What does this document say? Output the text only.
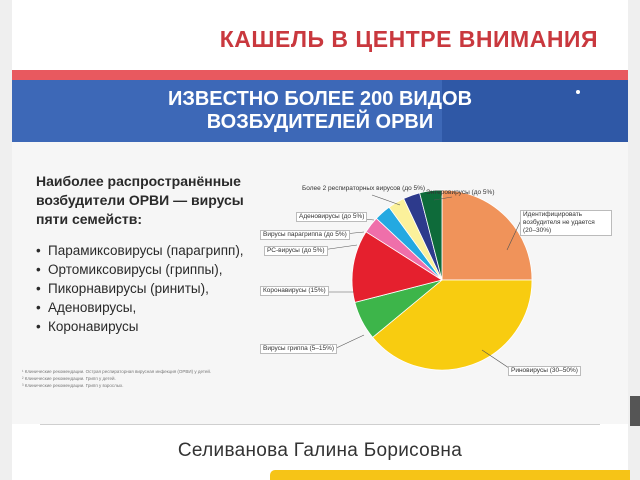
КАШЕЛЬ В ЦЕНТРЕ ВНИМАНИЯ
ИЗВЕСТНО БОЛЕЕ 200 ВИДОВ
ВОЗБУДИТЕЛЕЙ ОРВИ
Наиболее распространённые возбудители ОРВИ — вирусы пяти семейств:
• Парамиксовирусы (парагрипп),
• Ортомиксовирусы (гриппы),
• Пикорнавирусы (риниты),
• Аденовирусы,
• Коронавирусы
¹ Клинические рекомендации. Острая респираторная вирусная инфекция (ОРВИ) у детей.
² Клинические рекомендации. Грипп у детей.
³ Клинические рекомендации. Грипп у взрослых.
Более 2 респираторных вирусов (до 5%)
Энтеровирусы (до 5%)
Идентифицировать возбудителя не удается (20–30%)
Аденовирусы (до 5%)
Вирусы парагриппа (до 5%)
РС-вирусы (до 5%)
Коронавирусы (15%)
Вирусы гриппа (5–15%)
Риновирусы (30–50%)
Селиванова Галина Борисовна
